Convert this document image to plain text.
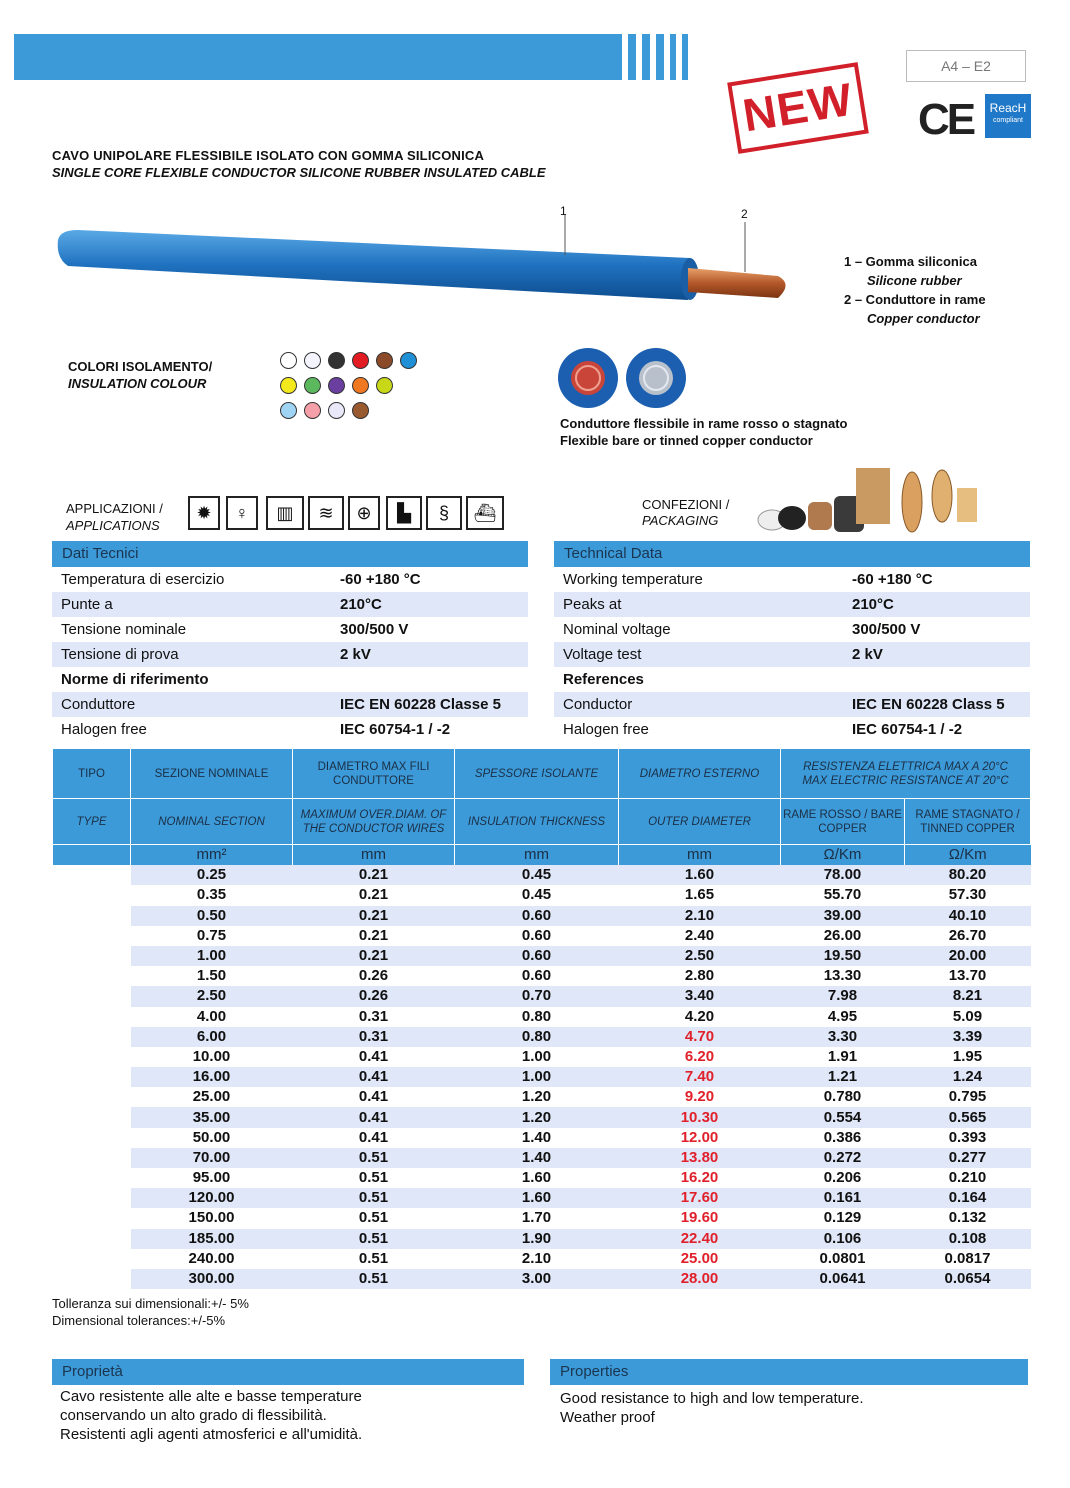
A4 – E2
NEW CE	ReacH
compliant
CAVO UNIPOLARE FLESSIBILE ISOLATO CON GOMMA SILICONICA
SINGLE CORE FLEXIBLE CONDUCTOR SILICONE RUBBER INSULATED CABLE
1	2
1 – Gomma siliconica
Silicone rubber
2 – Conduttore in rame
Copper conductor
COLORI ISOLAMENTO/
INSULATION COLOUR
Conduttore flessibile in rame rosso o stagnato
Flexible bare or tinned copper conductor
APPLICAZIONI /
APPLICATIONS
✹	♀	▥	≋	⊕	▙	§	⛴	CONFEZIONI /
PACKAGING
Dati Tecnici
Temperatura di esercizio	-60 +180 °C
Punte a	210°C
Tensione nominale	300/500 V
Tensione di prova	2 kV
Norme di riferimento
Conduttore	IEC EN 60228 Classe 5
Halogen free	IEC 60754-1 / -2
Technical Data
Working temperature	-60 +180 °C
Peaks at	210°C
Nominal voltage	300/500 V
Voltage test	2 kV
References
Conductor	IEC EN 60228 Class 5
Halogen free	IEC 60754-1 / -2
TIPO	SEZIONE NOMINALE	DIAMETRO MAX FILI CONDUTTORE	SPESSORE ISOLANTE	DIAMETRO ESTERNO	RESISTENZA ELETTRICA MAX A 20°C
MAX ELECTRIC RESISTANCE AT 20°C	

TYPE	NOMINAL SECTION	MAXIMUM OVER.DIAM. OF THE CONDUCTOR WIRES	INSULATION THICKNESS	OUTER DIAMETER	RAME ROSSO / BARE COPPER	RAME STAGNATO / TINNED COPPER
	mm²	mm	mm	mm	Ω/Km	Ω/Km
	0.25	0.21	0.45	1.60	78.00	80.20
	0.35	0.21	0.45	1.65	55.70	57.30
	0.50	0.21	0.60	2.10	39.00	40.10
	0.75	0.21	0.60	2.40	26.00	26.70
	1.00	0.21	0.60	2.50	19.50	20.00
	1.50	0.26	0.60	2.80	13.30	13.70
	2.50	0.26	0.70	3.40	7.98	8.21
	4.00	0.31	0.80	4.20	4.95	5.09
	6.00	0.31	0.80	4.70	3.30	3.39
	10.00	0.41	1.00	6.20	1.91	1.95
	16.00	0.41	1.00	7.40	1.21	1.24
	25.00	0.41	1.20	9.20	0.780	0.795
	35.00	0.41	1.20	10.30	0.554	0.565
	50.00	0.41	1.40	12.00	0.386	0.393
	70.00	0.51	1.40	13.80	0.272	0.277
	95.00	0.51	1.60	16.20	0.206	0.210
	120.00	0.51	1.60	17.60	0.161	0.164
	150.00	0.51	1.70	19.60	0.129	0.132
	185.00	0.51	1.90	22.40	0.106	0.108
	240.00	0.51	2.10	25.00	0.0801	0.0817
	300.00	0.51	3.00	28.00	0.0641	0.0654
Tolleranza sui dimensionali:+/- 5%
Dimensional tolerances:+/-5%
Proprietà
Cavo resistente alle alte e basse temperature
conservando un alto grado di flessibilità.
Resistenti agli agenti atmosferici e all'umidità.
Properties
Good resistance to high and low temperature.
Weather proof
